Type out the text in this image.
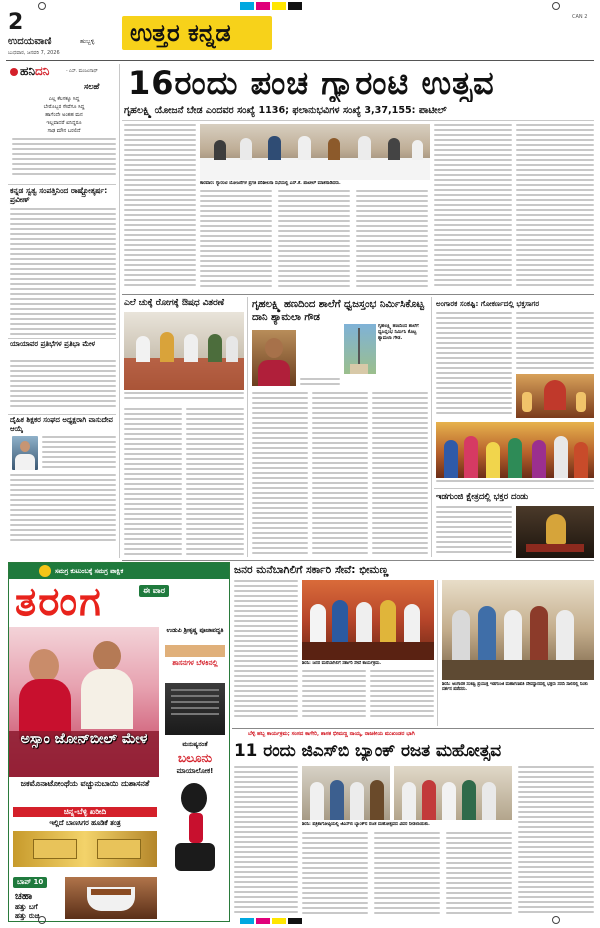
2
ಉದಯವಾಣಿ	ಹುಬ್ಬಳ್ಳಿ
ಬುಧವಾರ, ಜನವರಿ 7, 2026
ಉತ್ತರ ಕನ್ನಡ
CAN 2
ಹನಿದನಿ	- ಎಸ್. ಮಂಜುನಾಥ್
ಸಲಹೆ
ಎಲ್ಲ ಕೆಲಸಕ್ಕೂ ಸಿದ್ಧ
ಬೇರೊಬ್ಬರ ಸೇವೆಗೂ ಸಿದ್ಧ
ಹಾಗೆಂದೇ ಅಂತಹ ಮನ
ಇಲ್ಲವಾದರೆ ಏನಿದ್ದರೂ
ಗಾಢ ಮೌನ ಬರಲಿದೆ
ಕನ್ನಡ ಸ್ವತ್ವ ಸಂಪತ್ತಿನಿಂದ ರಾಷ್ಟ್ರೋತ್ಕರ್ಷ: ಪ್ರವೀಣ್
ಯಾಯಾವರ ಪ್ರತಿಭೆಗಳ ಪ್ರತಿಭಾ ಮೇಳ
ದೈಹಿಕ ಶಿಕ್ಷಕರ ಸಂಘದ ಅಧ್ಯಕ್ಷರಾಗಿ ವಾಸುದೇವ ಆಯ್ಕೆ
16ರಂದು ಪಂಚ ಗ್ಯಾರಂಟಿ ಉತ್ಸವ
ಗೃಹಲಕ್ಷ್ಮಿ ಯೋಜನೆ ಬೇಡ ಎಂದವರ ಸಂಖ್ಯೆ 1136; ಫಲಾನುಭವಿಗಳ ಸಂಖ್ಯೆ 3,37,155: ಪಾಟೀಲ್
ಕಾರವಾರ: ಗ್ಯಾರಂಟಿ ಯೋಜನೆಗಳ ಪ್ರಗತಿ ಪರಿಶೀಲನಾ ಸಭೆಯಲ್ಲಿ ಎಸ್.ಕೆ. ಪಾಟೀಲ್ ಮಾತನಾಡಿದರು.
ಎಲೆ ಚುಕ್ಕೆ ರೋಗಕ್ಕೆ ಔಷಧ ವಿತರಣೆ	ಗೃಹಲಕ್ಷ್ಮಿ ಹಣದಿಂದ ಶಾಲೆಗೆ ಧ್ವಜಸ್ತಂಭ ನಿರ್ಮಿಸಿಕೊಟ್ಟ ದಾನಿ ಶ್ಯಾಮಲಾ ಗೌಡ
ಗೃಹಲಕ್ಷ್ಮಿ ಹಣದಿಂದ ಶಾಲೆಗೆ ಧ್ವಜಸ್ತಂಭ ನಿರ್ಮಿಸಿ ಕೊಟ್ಟ ಶ್ಯಾಮಲಾ ಗೌಡ.
ಅಂಗಾರಕ ಸಂಕಷ್ಟಿ: ಗೋಕರ್ಣದಲ್ಲಿ ಭಕ್ತಸಾಗರ
ಇಡಗುಂಜಿ ಕ್ಷೇತ್ರದಲ್ಲಿ ಭಕ್ತರ ದಂಡು
ಸಮಗ್ರ ಕುಟುಂಬಕ್ಕೆ ಸಮಗ್ರ ಪಾಕ್ಷಿಕ
ತರಂಗ	ಈ ವಾರ
ಅಸ್ಸಾಂ ಜೋನ್‌ಬೀಲ್ ಮೇಳ
ಉಡುಪಿ ಶ್ರೀಕೃಷ್ಣ ಪೂಜಾಪದ್ಧತಿ
ಶಾಸನಗಳ ಬೆಳಕಿನಲ್ಲಿ
ಜಕಮೊನಾಟೋಂಥೆಯ ವಚ್ಚುನುಬಾಯಿ ದುಶಾಸನತೆ
ಚಿನ್ನ-ಬೆಳ್ಳಿ ಖರೀದಿ
ಇಲ್ಲಿದೆ ಬಾಣಸಿಗರ ಹೂಡಿಕೆ ತಂತ್ರ
ಮನುಷ್ಯನಂತೆ
ಬಲೂನು
ಮಾಯಾಲೋಕ!
ಬಾಪ್‌ 10
ಚಹಾ
ಹತ್ತು ಬಗೆ
ಹತ್ತು ರುಚಿ
ಜನರ ಮನೆಬಾಗಿಲಿಗೆ ಸರ್ಕಾರಿ ಸೇವೆ: ಭೀಮಣ್ಣ
ಶಿರಸಿ: ಜನರ ಮನೆಬಾಗಿಲಿಗೆ ಸರ್ಕಾರಿ ಸೇವೆ ಕಾರ್ಯಕ್ರಮ.
ಶಿರಸಿ: ಅಂಗಾರಕ ಸಂಕಷ್ಟಿ ಪ್ರಯುಕ್ತ ಇಡಗುಂಜಿ ಮಹಾಗಣಪತಿ ದೇವಸ್ಥಾನದಲ್ಲಿ ಭಕ್ತರು ಸರದಿ ಸಾಲಿನಲ್ಲಿ ನಿಂತು ದರ್ಶನ ಪಡೆದರು.
ಬೆಳ್ಳಿ ಹಬ್ಬ ಕಾರ್ಯಕ್ರಮ; ಸಂಸದ ಕಾಗೇರಿ, ಶಾಸಕ ಭೀಮಣ್ಣ ನಾಯ್ಕ, ರಾಜಕೀಯ ಮುಖಂಡರ ಭಾಗಿ
11 ರಂದು ಜಿಎಸ್‌ಬಿ ಬ್ಯಾಂಕ್ ರಜತ ಮಹೋತ್ಸವ
ಶಿರಸಿ: ಪತ್ರಿಕಾಗೋಷ್ಠಿಯಲ್ಲಿ ಜಿಎಸ್‌ಬಿ ಬ್ಯಾಂಕ್‌ನ ರಜತ ಮಹೋತ್ಸವದ ವಿವರ ನೀಡಲಾಯಿತು.
